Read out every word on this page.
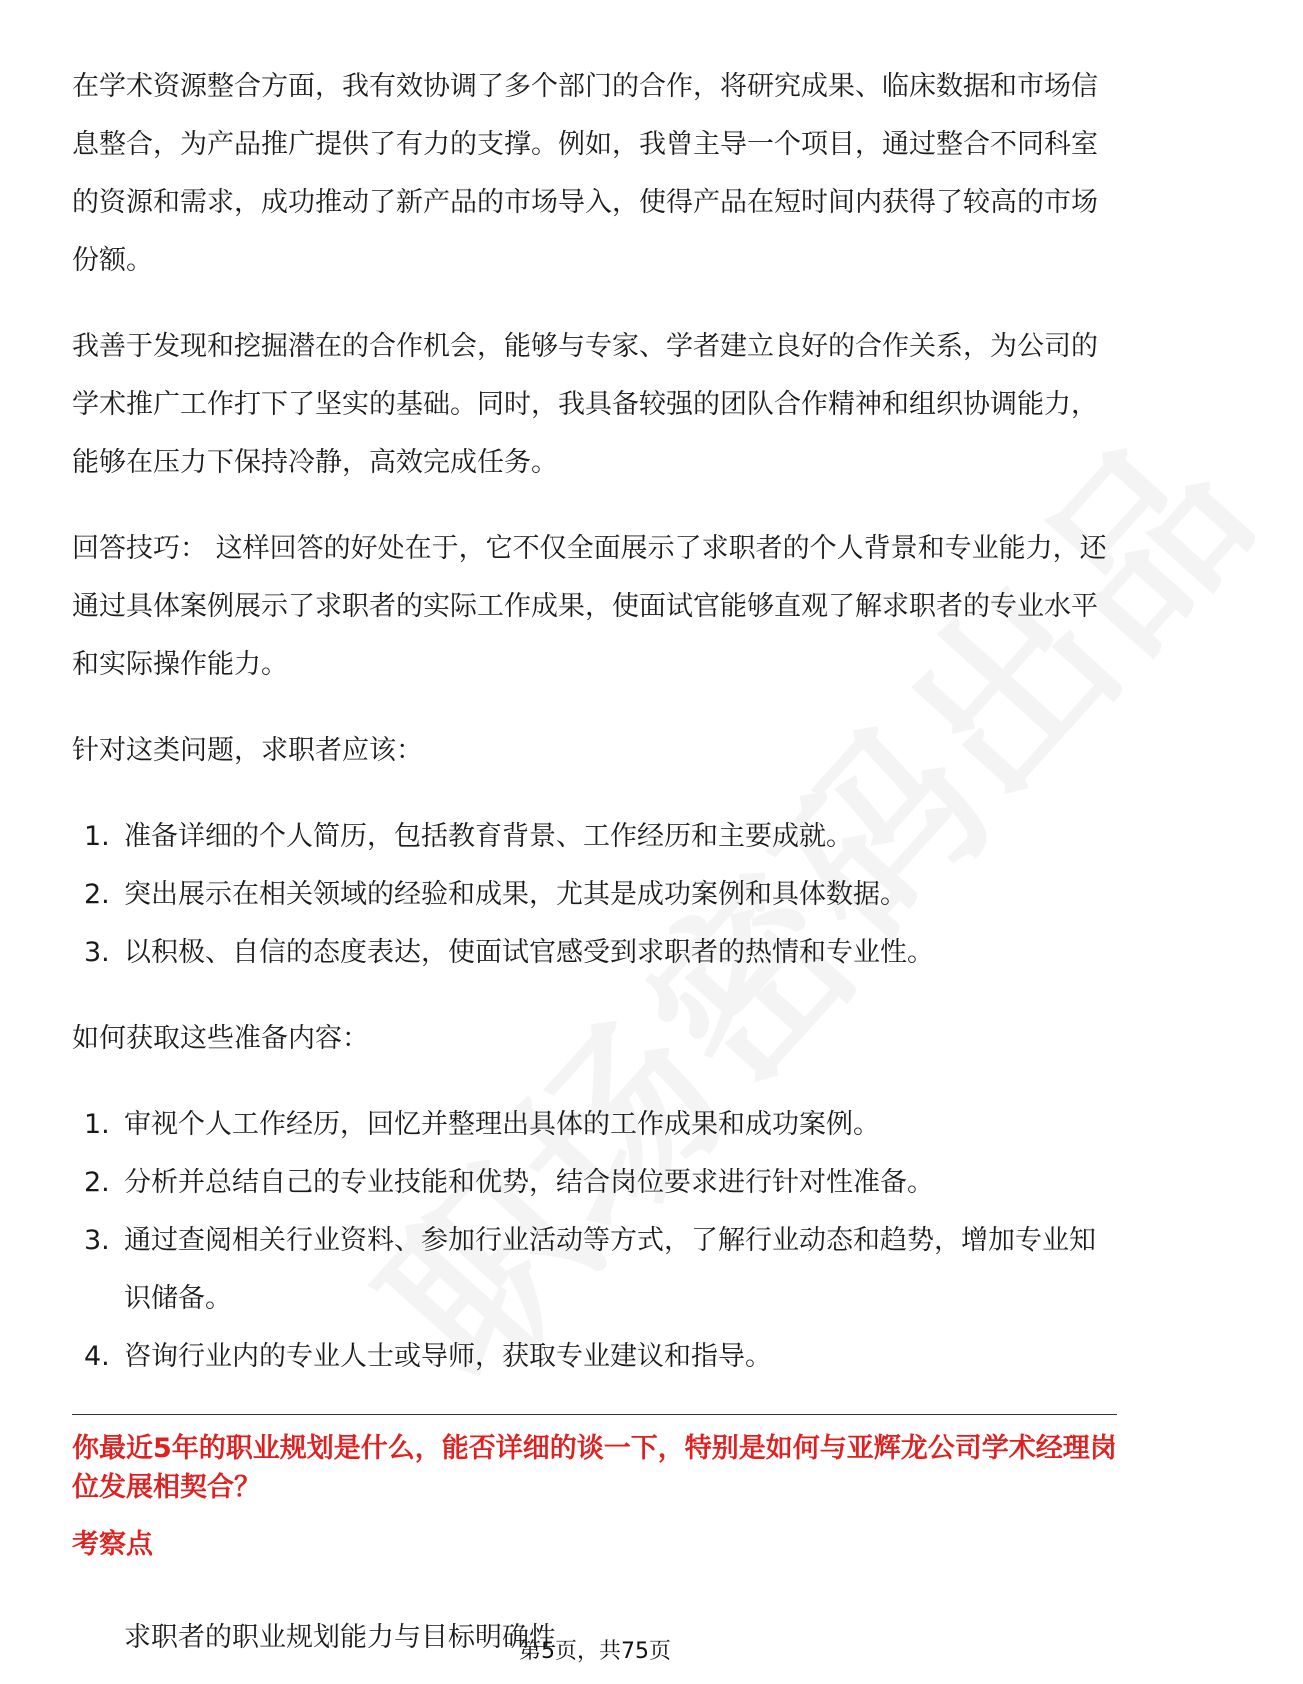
在学术资源整合方面，我有效协调了多个部门的合作，将研究成果、临床数据和市场信息整合，为产品推广提供了有力的支撑。例如，我曾主导一个项目，通过整合不同科室的资源和需求，成功推动了新产品的市场导入，使得产品在短时间内获得了较高的市场份额。

我善于发现和挖掘潜在的合作机会，能够与专家、学者建立良好的合作关系，为公司的学术推广工作打下了坚实的基础。同时，我具备较强的团队合作精神和组织协调能力，能够在压力下保持冷静，高效完成任务。

回答技巧： 这样回答的好处在于，它不仅全面展示了求职者的个人背景和专业能力，还通过具体案例展示了求职者的实际工作成果，使面试官能够直观了解求职者的专业水平和实际操作能力。

针对这类问题，求职者应该：

1. 准备详细的个人简历，包括教育背景、工作经历和主要成就。
2. 突出展示在相关领域的经验和成果，尤其是成功案例和具体数据。
3. 以积极、自信的态度表达，使面试官感受到求职者的热情和专业性。

如何获取这些准备内容：

1. 审视个人工作经历，回忆并整理出具体的工作成果和成功案例。
2. 分析并总结自己的专业技能和优势，结合岗位要求进行针对性准备。
3. 通过查阅相关行业资料、参加行业活动等方式，了解行业动态和趋势，增加专业知识储备。
4. 咨询行业内的专业人士或导师，获取专业建议和指导。
你最近5年的职业规划是什么，能否详细的谈一下，特别是如何与亚辉龙公司学术经理岗位发展相契合？
考察点
求职者的职业规划能力与目标明确性
第5页，共75页
